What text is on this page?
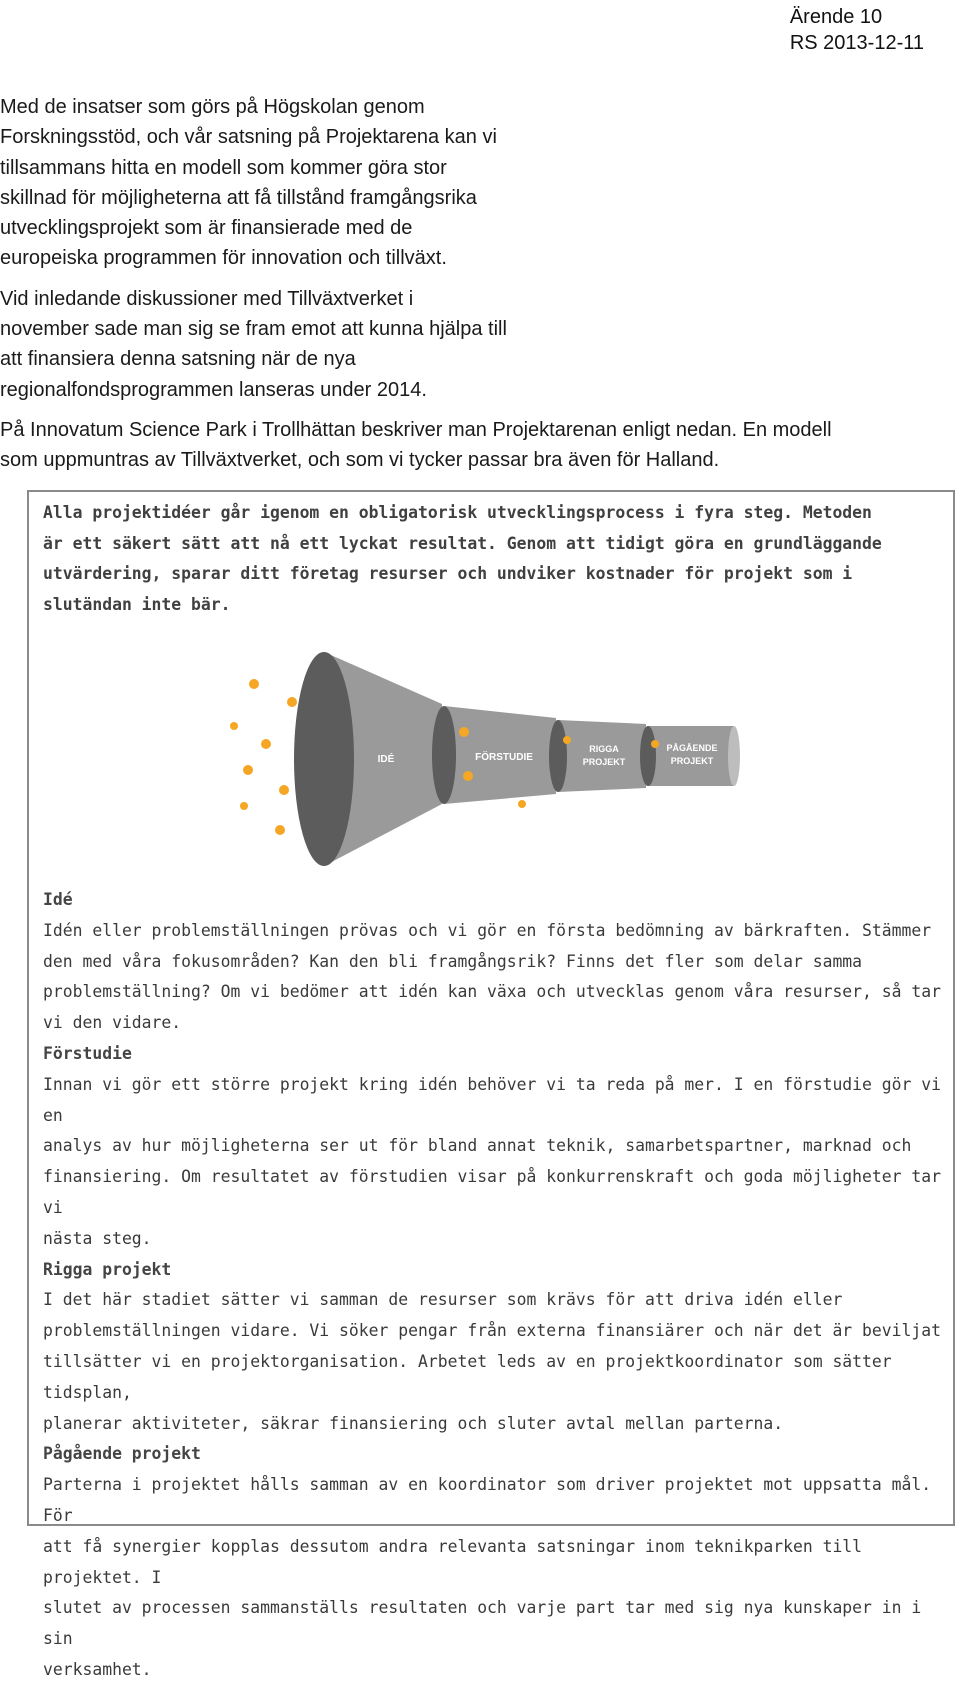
Ärende 10
RS 2013-12-11

Med de insatser som görs på Högskolan genom
Forskningsstöd, och vår satsning på Projektarena kan vi
tillsammans hitta en modell som kommer göra stor
skillnad för möjligheterna att få tillstånd framgångsrika
utvecklingsprojekt som är finansierade med de
europeiska programmen för innovation och tillväxt.

Vid inledande diskussioner med Tillväxtverket i
november sade man sig se fram emot att kunna hjälpa till
att finansiera denna satsning när de nya
regionalfondsprogrammen lanseras under 2014.

På Innovatum Science Park i Trollhättan beskriver man Projektarenan enligt nedan. En modell
som uppmuntras av Tillväxtverket, och som vi tycker passar bra även för Halland.

Alla projektidéer går igenom en obligatorisk utvecklingsprocess i fyra steg. Metoden
är ett säkert sätt att nå ett lyckat resultat. Genom att tidigt göra en grundläggande
utvärdering, sparar ditt företag resurser och undviker kostnader för projekt som i
slutändan inte bär.
IDÉ	FÖRSTUDIE
RIGGA
PROJEKT
PÅGÅENDE
PROJEKT
Idé
Idén eller problemställningen prövas och vi gör en första bedömning av bärkraften. Stämmer
den med våra fokusområden? Kan den bli framgångsrik? Finns det fler som delar samma
problemställning? Om vi bedömer att idén kan växa och utvecklas genom våra resurser, så tar
vi den vidare.
Förstudie
Innan vi gör ett större projekt kring idén behöver vi ta reda på mer. I en förstudie gör vi en
analys av hur möjligheterna ser ut för bland annat teknik, samarbetspartner, marknad och
finansiering. Om resultatet av förstudien visar på konkurrenskraft och goda möjligheter tar vi
nästa steg.
Rigga projekt
I det här stadiet sätter vi samman de resurser som krävs för att driva idén eller
problemställningen vidare. Vi söker pengar från externa finansiärer och när det är beviljat
tillsätter vi en projektorganisation. Arbetet leds av en projektkoordinator som sätter tidsplan,
planerar aktiviteter, säkrar finansiering och sluter avtal mellan parterna.
Pågående projekt
Parterna i projektet hålls samman av en koordinator som driver projektet mot uppsatta mål. För
att få synergier kopplas dessutom andra relevanta satsningar inom teknikparken till projektet. I
slutet av processen sammanställs resultaten och varje part tar med sig nya kunskaper in i sin
verksamhet.
